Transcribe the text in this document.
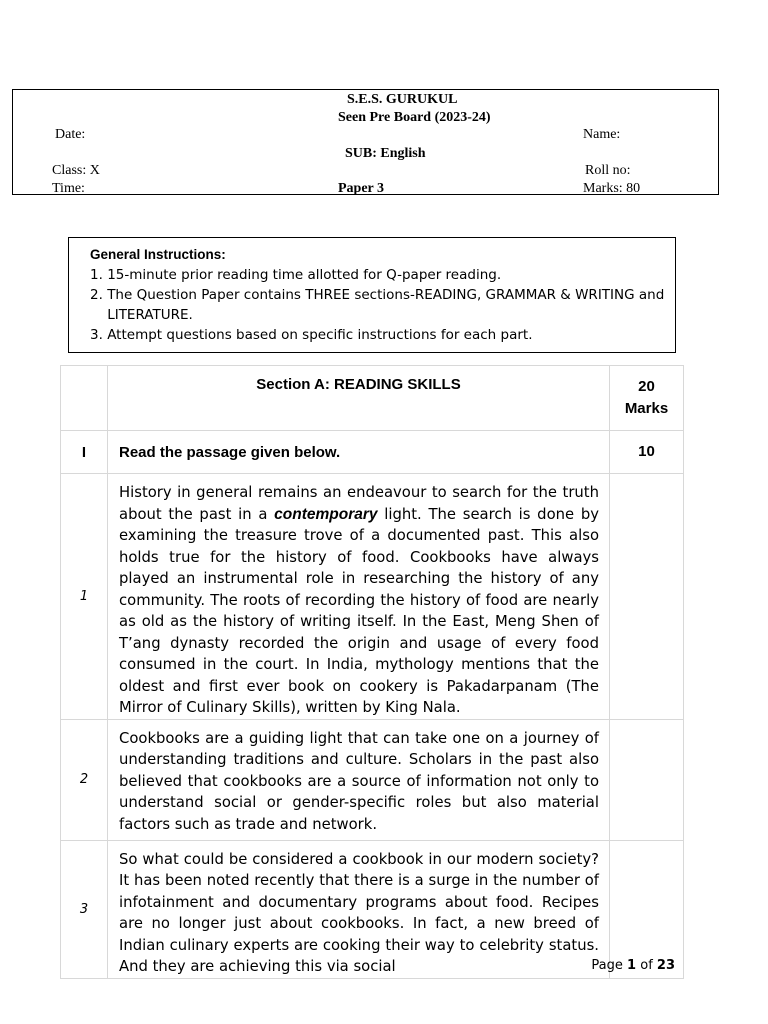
S.E.S. GURUKUL
Seen Pre Board (2023-24)
Date:	Name:
SUB: English
Class: X	Roll no:
Time:	Paper 3	Marks: 80
General Instructions:
1.
15-minute prior reading time allotted for Q-paper reading.
2.
The Question Paper contains THREE sections-READING, GRAMMAR & WRITING and LITERATURE.
3.
Attempt questions based on specific instructions for each part.
	Section A: READING SKILLS	20
Marks

I	Read the passage given below.	10
1	History in general remains an endeavour to search for the truth about the past in a contemporary light. The search is done by examining the treasure trove of a documented past. This also holds true for the history of food. Cookbooks have always played an instrumental role in researching the history of any community. The roots of recording the history of food are nearly as old as the history of writing itself. In the East, Meng Shen of T’ang dynasty recorded the origin and usage of every food consumed in the court. In India, mythology mentions that the oldest and first ever book on cookery is Pakadarpanam (The Mirror of Culinary Skills), written by King Nala.	
2	Cookbooks are a guiding light that can take one on a journey of understanding traditions and culture. Scholars in the past also believed that cookbooks are a source of information not only to understand social or gender-specific roles but also material factors such as trade and network.	
3	So what could be considered a cookbook in our modern society? It has been noted recently that there is a surge in the number of infotainment and documentary programs about food. Recipes are no longer just about cookbooks. In fact, a new breed of Indian culinary experts are cooking their way to celebrity status. And they are achieving this via social		Page 1 of 23
